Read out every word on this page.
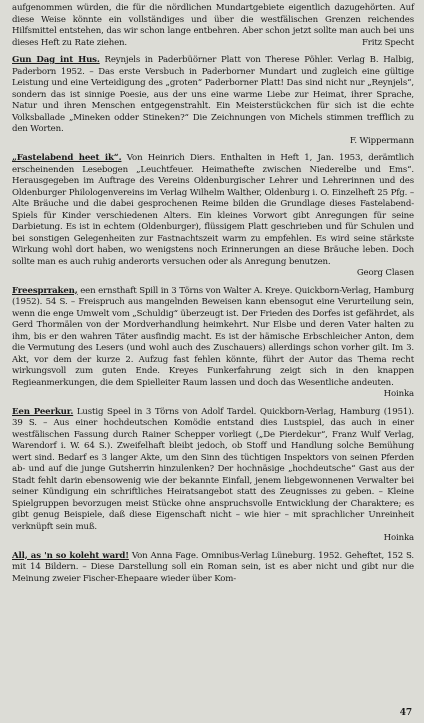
aufgenommen würden, die für die nördlichen Mundartgebiete eigentlich dazugehörten. Auf diese Weise könnte ein vollständiges und über die westfälischen Grenzen reichendes Hilfsmittel entstehen, das wir schon lange entbehren. Aber schon jetzt sollte man auch bei uns dieses Heft zu Rate ziehen.	Fritz Specht

Gun Dag int Hus. Reynjels in Paderbüörner Platt von Therese Pöhler. Verlag B. Halbig, Paderborn 1952. – Das erste Versbuch in Paderborner Mundart und zugleich eine gültige Leistung und eine Verteidigung des „groten“ Paderborner Platt! Das sind nicht nur „Reynjels“, sondern das ist sinnige Poesie, aus der uns eine warme Liebe zur Heimat, ihrer Sprache, Natur und ihren Menschen entgegenstrahlt. Ein Meisterstückchen für sich ist die echte Volksballade „Mineken odder Stineken?“ Die Zeichnungen von Michels stimmen trefflich zu den Worten.
F. Wippermann

„Fastelabend heet ik“. Von Heinrich Diers. Enthalten in Heft 1, Jan. 1953, derämtlich erscheinenden Lesebogen „Leuchtfeuer. Heimathefte zwischen Niederelbe und Ems“. Herausgegeben im Auftrage des Vereins Oldenburgischer Lehrer und Lehrerinnen und des Oldenburger Philologenvereins im Verlag Wilhelm Walther, Oldenburg i. O. Einzelheft 25 Pfg. – Alte Bräuche und die dabei gesprochenen Reime bilden die Grundlage dieses Fastelabend-Spiels für Kinder verschiedenen Alters. Ein kleines Vorwort gibt Anregungen für seine Darbietung. Es ist in echtem (Oldenburger), flüssigem Platt geschrieben und für Schulen und bei sonstigen Gelegenheiten zur Fastnachtszeit warm zu empfehlen. Es wird seine stärkste Wirkung wohl dort haben, wo wenigstens noch Erinnerungen an diese Bräuche leben. Doch sollte man es auch ruhig anderorts versuchen oder als Anregung benutzen.
Georg Clasen

Freesprraken, een ernsthaft Spill in 3 Törns von Walter A. Kreye. Quickborn-Verlag, Hamburg (1952). 54 S. – Freispruch aus mangelnden Beweisen kann ebensogut eine Verurteilung sein, wenn die enge Umwelt vom „Schuldig“ überzeugt ist. Der Frieden des Dorfes ist gefährdet, als Gerd Thormälen von der Mordverhandlung heimkehrt. Nur Elsbe und deren Vater halten zu ihm, bis er den wahren Täter ausfindig macht. Es ist der hämische Erbschleicher Anton, dem die Vermutung des Lesers (und wohl auch des Zuschauers) allerdings schon vorher gilt. Im 3. Akt, vor dem der kurze 2. Aufzug fast fehlen könnte, führt der Autor das Thema recht wirkungsvoll zum guten Ende. Kreyes Funkerfahrung zeigt sich in den knappen Regieanmerkungen, die dem Spielleiter Raum lassen und doch das Wesentliche andeuten.
Hoinka

Een Peerkur. Lustig Speel in 3 Törns von Adolf Tardel. Quickborn-Verlag, Hamburg (1951). 39 S. – Aus einer hochdeutschen Komödie entstand dies Lustspiel, das auch in einer westfälischen Fassung durch Rainer Schepper vorliegt („De Pierdekur“, Franz Wulf Verlag, Warendorf i. W. 64 S.). Zweifelhaft bleibt jedoch, ob Stoff und Handlung solche Bemühung wert sind. Bedarf es 3 langer Akte, um den Sinn des tüchtigen Inspektors von seinen Pferden ab- und auf die junge Gutsherrin hinzulenken? Der hochnäsige „hochdeutsche“ Gast aus der Stadt fehlt darin ebensowenig wie der bekannte Einfall, jenem liebgewonnenen Verwalter bei seiner Kündigung ein schriftliches Heiratsangebot statt des Zeugnisses zu geben. – Kleine Spielgruppen bevorzugen meist Stücke ohne anspruchsvolle Entwicklung der Charaktere; es gibt genug Beispiele, daß diese Eigenschaft nicht – wie hier – mit sprachlicher Unreinheit verknüpft sein muß.
Hoinka

All, as 'n so koleht ward! Von Anna Fage. Omnibus-Verlag Lüneburg. 1952. Geheftet, 152 S. mit 14 Bildern. – Diese Darstellung soll ein Roman sein, ist es aber nicht und gibt nur die Meinung zweier Fischer-Ehepaare wieder über Kom-

47
